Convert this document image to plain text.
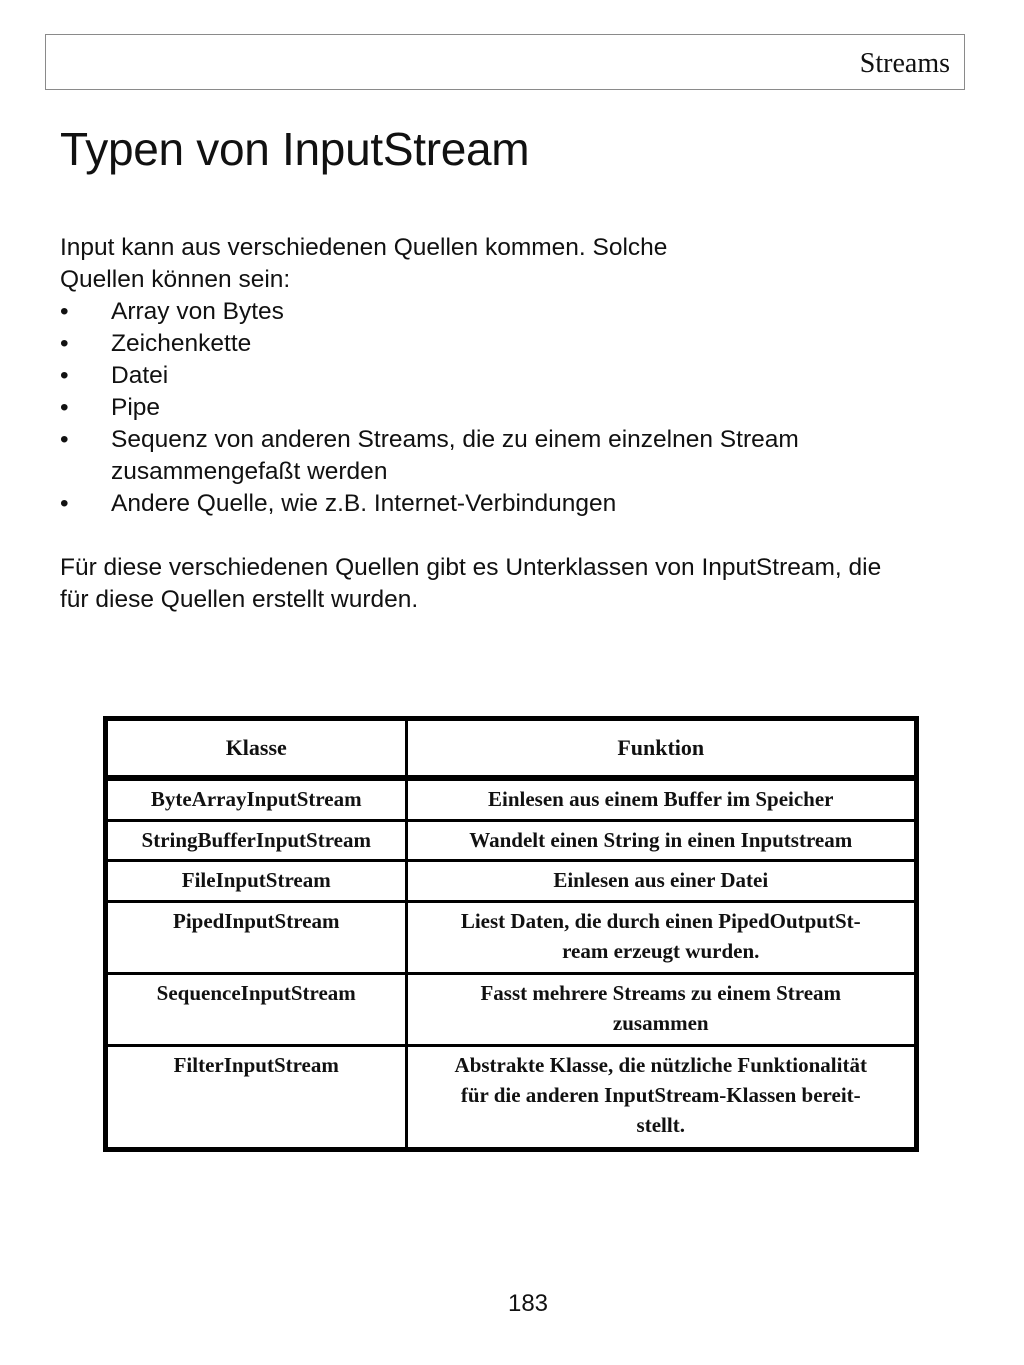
Streams
Typen von InputStream

Input kann aus verschiedenen Quellen kommen. Solche

Quellen können sein:

• Array von Bytes
• Zeichenkette
• Datei
• Pipe
• Sequenz von anderen Streams, die zu einem einzelnen Stream
zusammengefaßt werden
• Andere Quelle, wie z.B. Internet-Verbindungen
Für diese verschiedenen Quellen gibt es Unterklassen von InputStream, die
für diese Quellen erstellt wurden.
Klasse	Funktion
ByteArrayInputStream	Einlesen aus einem Buffer im Speicher
StringBufferInputStream	Wandelt einen String in einen Inputstream
FileInputStream	Einlesen aus einer Datei
PipedInputStream	Liest Daten, die durch einen PipedOutputSt-
ream erzeugt wurden.
SequenceInputStream	Fasst mehrere Streams zu einem Stream
zusammen
FilterInputStream	Abstrakte Klasse, die nützliche Funktionalität
für die anderen InputStream-Klassen bereit-
stellt.
183
